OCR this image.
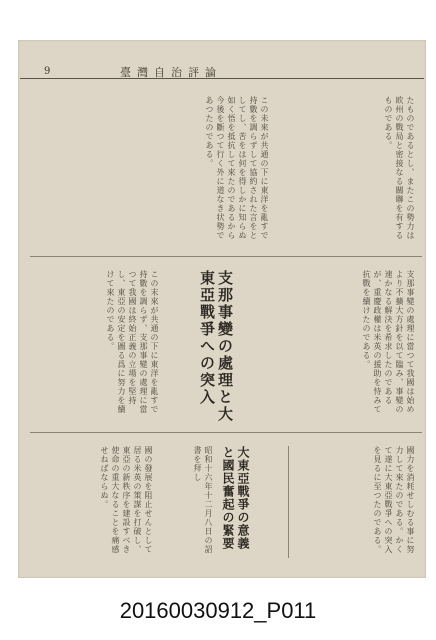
9	臺灣自治評論
たものであるとし、またこの勢力は欧州の戰局と密接なる關聯を有するものである。
この未來が共通の下に東洋を亂すで持數を調らずして協約された言をとしてし、苦をは何を得しかに知らぬ如く悟を抵抗して來たのであるから今後を斷つて行く外に道なき状勢であつたのである。
支那事變の處理に當つて我國は始めより不擴大方針を以て臨み、事變の速かなる解決を希求したのであるが、重慶政權は米英の援助を恃みて抗戰を續けたのである。
支那事變の處理と大東亞戰爭への突入
この末來が共通の下に東洋を亂すで持數を調らず、支那事變の處理に當つて我國は終始正義の立場を堅持し、東亞の安定を圖る爲に努力を續けて來たのである。
國力を消耗せしむる事に努力して來たのである。かくて遂に大東亞戰爭への突入を見るに至つたのである。
大東亞戰爭の意義と國民奮起の緊要
昭和十六年十二月八日の詔書を拜し
國の發展を阻止せんとして居る米英の策謀を打破し、東亞の新秩序を建設すべき使命の重大なることを痛感せねばならぬ。
20160030912_P011
